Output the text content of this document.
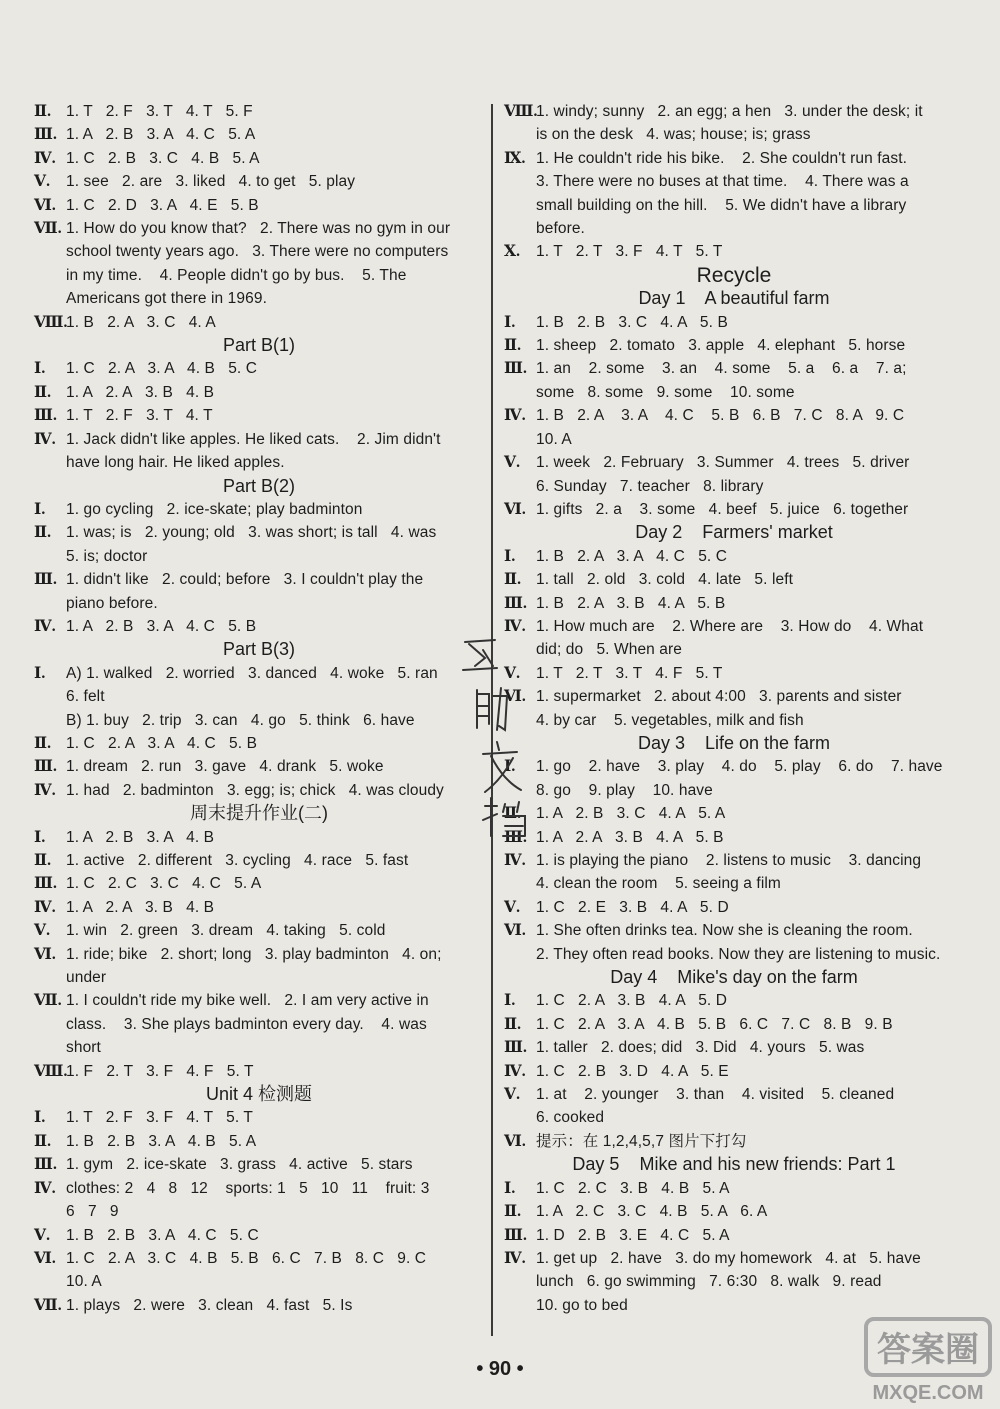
Ⅱ. 1. T   2. F   3. T   4. T   5. F
Ⅲ. 1. A   2. B   3. A   4. C   5. A
Ⅳ. 1. C   2. B   3. C   4. B   5. A
Ⅴ. 1. see   2. are   3. liked   4. to get   5. play
Ⅵ. 1. C   2. D   3. A   4. E   5. B
Ⅶ. 1. How do you know that?   2. There was no gym in our
school twenty years ago.   3. There were no computers
in my time.    4. People didn't go by bus.    5. The
Americans got there in 1969.
Ⅷ.1. B   2. A   3. C   4. A
Part B(1)
Ⅰ. 1. C   2. A   3. A   4. B   5. C
Ⅱ. 1. A   2. A   3. B   4. B
Ⅲ. 1. T   2. F   3. T   4. T
Ⅳ. 1. Jack didn't like apples. He liked cats.    2. Jim didn't
have long hair. He liked apples.
Part B(2)
Ⅰ. 1. go cycling   2. ice-skate; play badminton
Ⅱ. 1. was; is   2. young; old   3. was short; is tall   4. was
5. is; doctor
Ⅲ. 1. didn't like   2. could; before   3. I couldn't play the
piano before.
Ⅳ. 1. A   2. B   3. A   4. C   5. B
Part B(3)
Ⅰ. A) 1. walked   2. worried   3. danced   4. woke   5. ran
6. felt
B) 1. buy   2. trip   3. can   4. go   5. think   6. have
Ⅱ. 1. C   2. A   3. A   4. C   5. B
Ⅲ. 1. dream   2. run   3. gave   4. drank   5. woke
Ⅳ. 1. had   2. badminton   3. egg; is; chick   4. was cloudy
周末提升作业(二)
Ⅰ. 1. A   2. B   3. A   4. B
Ⅱ. 1. active   2. different   3. cycling   4. race   5. fast
Ⅲ. 1. C   2. C   3. C   4. C   5. A
Ⅳ. 1. A   2. A   3. B   4. B
Ⅴ. 1. win   2. green   3. dream   4. taking   5. cold
Ⅵ. 1. ride; bike   2. short; long   3. play badminton   4. on;
under
Ⅶ. 1. I couldn't ride my bike well.   2. I am very active in
class.    3. She plays badminton every day.    4. was
short
Ⅷ.1. F   2. T   3. F   4. F   5. T
Unit 4 检测题
Ⅰ. 1. T   2. F   3. F   4. T   5. T
Ⅱ. 1. B   2. B   3. A   4. B   5. A
Ⅲ. 1. gym   2. ice-skate   3. grass   4. active   5. stars
Ⅳ. clothes: 2   4   8   12    sports: 1   5   10   11    fruit: 3
6   7   9
Ⅴ. 1. B   2. B   3. A   4. C   5. C
Ⅵ. 1. C   2. A   3. C   4. B   5. B   6. C   7. B   8. C   9. C
10. A
Ⅶ. 1. plays   2. were   3. clean   4. fast   5. Is
Ⅷ.1. windy; sunny   2. an egg; a hen   3. under the desk; it
is on the desk   4. was; house; is; grass
Ⅸ. 1. He couldn't ride his bike.    2. She couldn't run fast.
3. There were no buses at that time.    4. There was a
small building on the hill.    5. We didn't have a library
before.
Ⅹ. 1. T   2. T   3. F   4. T   5. T
Recycle
Day 1    A beautiful farm
Ⅰ. 1. B   2. B   3. C   4. A   5. B
Ⅱ. 1. sheep   2. tomato   3. apple   4. elephant   5. horse
Ⅲ. 1. an    2. some    3. an    4. some    5. a    6. a    7. a;
some   8. some   9. some    10. some
Ⅳ. 1. B   2. A    3. A    4. C    5. B   6. B   7. C   8. A   9. C
10. A
Ⅴ. 1. week   2. February   3. Summer   4. trees   5. driver
6. Sunday   7. teacher   8. library
Ⅵ. 1. gifts   2. a    3. some   4. beef   5. juice   6. together
Day 2    Farmers' market
Ⅰ. 1. B   2. A   3. A   4. C   5. C
Ⅱ. 1. tall   2. old   3. cold   4. late   5. left
Ⅲ. 1. B   2. A   3. B   4. A   5. B
Ⅳ. 1. How much are    2. Where are    3. How do    4. What
did; do   5. When are
Ⅴ. 1. T   2. T   3. T   4. F   5. T
Ⅵ. 1. supermarket   2. about 4:00   3. parents and sister
4. by car    5. vegetables, milk and fish
Day 3    Life on the farm
Ⅰ. 1. go    2. have    3. play    4. do    5. play    6. do    7. have
8. go    9. play    10. have
Ⅱ. 1. A   2. B   3. C   4. A   5. A
Ⅲ. 1. A   2. A   3. B   4. A   5. B
Ⅳ. 1. is playing the piano    2. listens to music    3. dancing
4. clean the room    5. seeing a film
Ⅴ. 1. C   2. E   3. B   4. A   5. D
Ⅵ. 1. She often drinks tea. Now she is cleaning the room.
2. They often read books. Now they are listening to music.
Day 4    Mike's day on the farm
Ⅰ. 1. C   2. A   3. B   4. A   5. D
Ⅱ. 1. C   2. A   3. A   4. B   5. B   6. C   7. C   8. B   9. B
Ⅲ. 1. taller   2. does; did   3. Did   4. yours   5. was
Ⅳ. 1. C   2. B   3. D   4. A   5. E
Ⅴ. 1. at    2. younger    3. than    4. visited    5. cleaned
6. cooked
Ⅵ. 提示：在 1,2,4,5,7 图片下打勾
Day 5    Mike and his new friends: Part 1
Ⅰ. 1. C   2. C   3. B   4. B   5. A
Ⅱ. 1. A   2. C   3. C   4. B   5. A   6. A
Ⅲ. 1. D   2. B   3. E   4. C   5. A
Ⅳ. 1. get up   2. have   3. do my homework   4. at   5. have
lunch   6. go swimming   7. 6:30   8. walk   9. read
10. go to bed
• 90 •	答案圈
MXQE.COM
